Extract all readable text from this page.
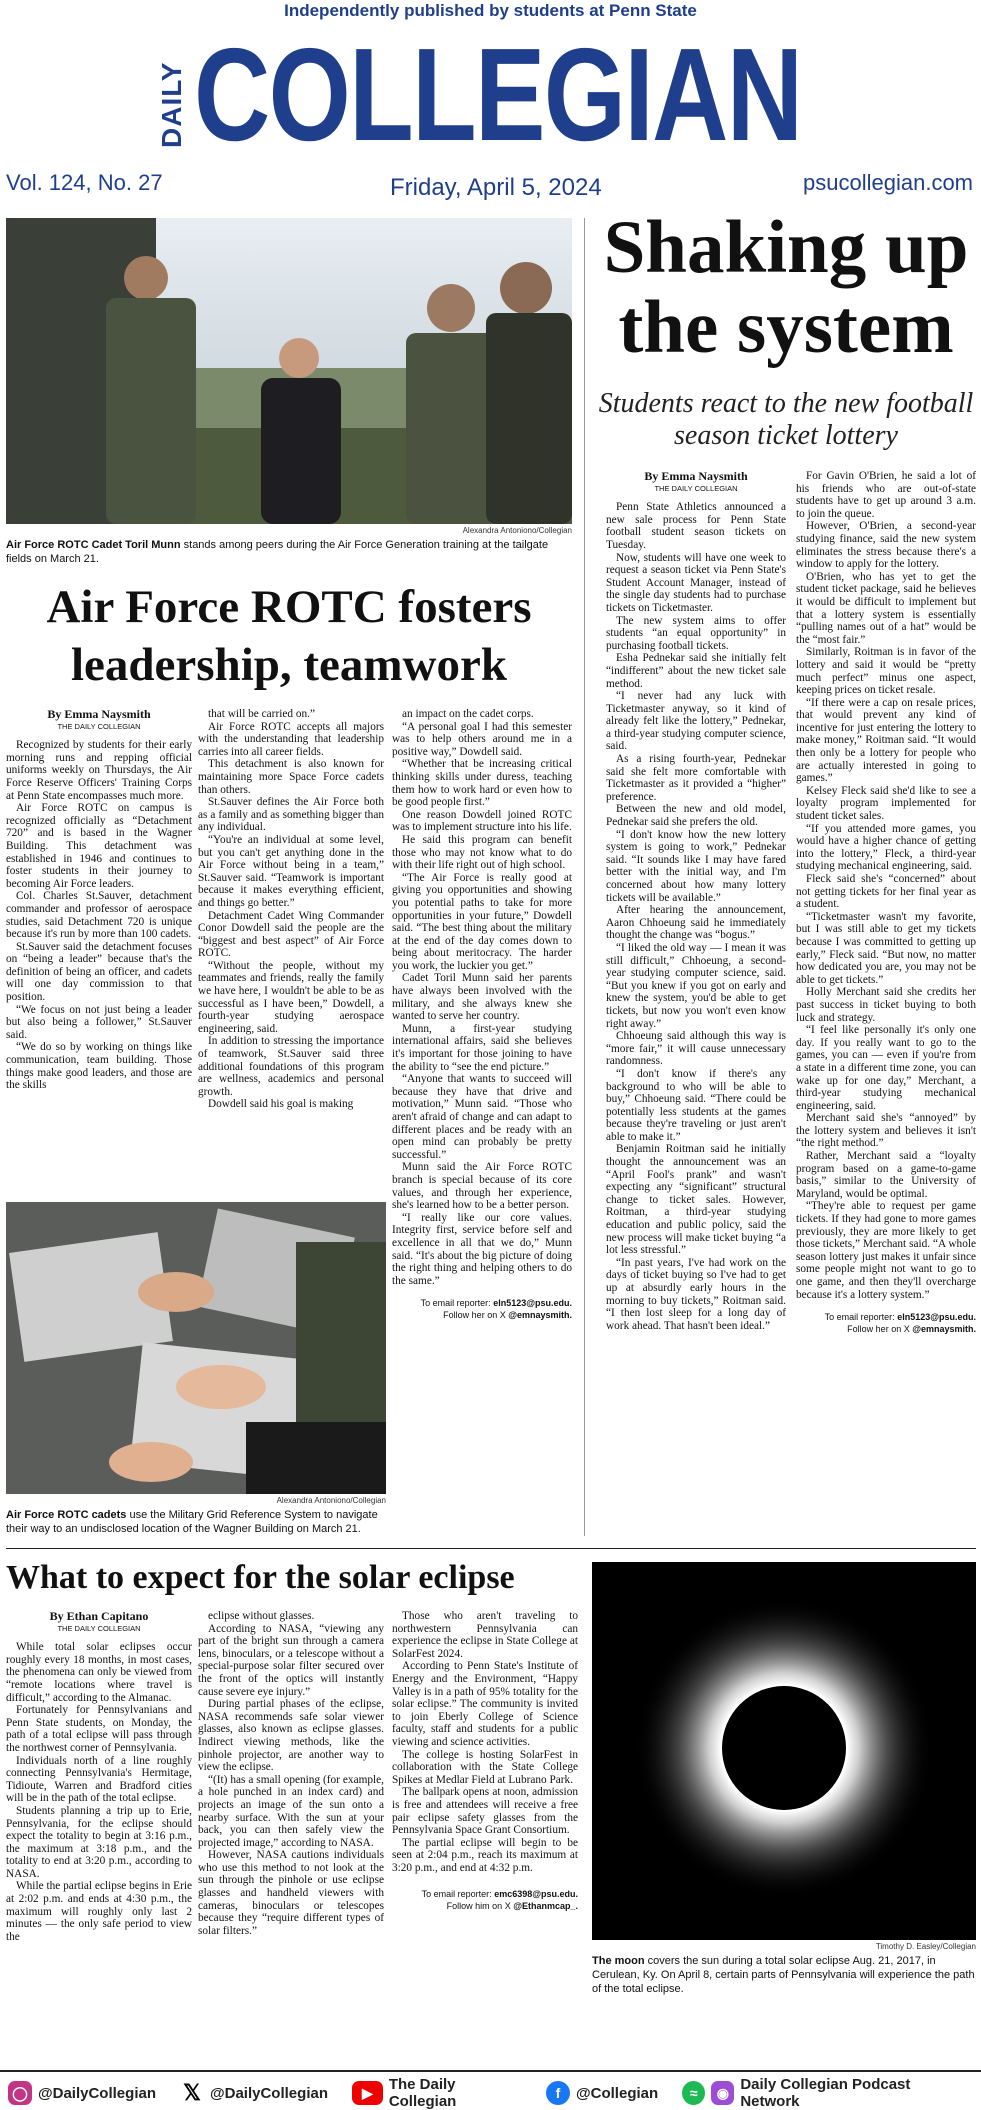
Independently published by students at Penn State
DAILY COLLEGIAN
Vol. 124, No. 27	Friday, April 5, 2024	psucollegian.com
Alexandra Antoniono/Collegian
Air Force ROTC Cadet Toril Munn stands among peers during the Air Force Generation training at the tailgate fields on March 21.
Air Force ROTC fosters leadership, teamwork
By Emma Naysmith
THE DAILY COLLEGIAN

Recognized by students for their early morning runs and repping official uniforms weekly on Thursdays, the Air Force Reserve Officers' Training Corps at Penn State encompasses much more.

Air Force ROTC on campus is recognized officially as “Detachment 720” and is based in the Wagner Building. This detachment was established in 1946 and continues to foster students in their journey to becoming Air Force leaders.

Col. Charles St.Sauver, detachment commander and professor of aerospace studies, said Detachment 720 is unique because it's run by more than 100 cadets.

St.Sauver said the detachment focuses on “being a leader” because that's the definition of being an officer, and cadets will one day commission to that position.

“We focus on not just being a leader but also being a follower,” St.Sauver said.

“We do so by working on things like communication, team building. Those things make good leaders, and those are the skills

that will be carried on.”

Air Force ROTC accepts all majors with the understanding that leadership carries into all career fields.

This detachment is also known for maintaining more Space Force cadets than others.

St.Sauver defines the Air Force both as a family and as something bigger than any individual.

“You're an individual at some level, but you can't get anything done in the Air Force without being in a team,” St.Sauver said. “Teamwork is important because it makes everything efficient, and things go better.”

Detachment Cadet Wing Commander Conor Dowdell said the people are the “biggest and best aspect” of Air Force ROTC.

“Without the people, without my teammates and friends, really the family we have here, I wouldn't be able to be as successful as I have been,” Dowdell, a fourth-year studying aerospace engineering, said.

In addition to stressing the importance of teamwork, St.Sauver said three additional foundations of this program are wellness, academics and personal growth.

Dowdell said his goal is making

an impact on the cadet corps.

“A personal goal I had this semester was to help others around me in a positive way,” Dowdell said.

“Whether that be increasing critical thinking skills under duress, teaching them how to work hard or even how to be good people first.”

One reason Dowdell joined ROTC was to implement structure into his life.

He said this program can benefit those who may not know what to do with their life right out of high school.

“The Air Force is really good at giving you opportunities and showing you potential paths to take for more opportunities in your future,” Dowdell said. “The best thing about the military at the end of the day comes down to being about meritocracy. The harder you work, the luckier you get.”

Cadet Toril Munn said her parents have always been involved with the military, and she always knew she wanted to serve her country.

Munn, a first-year studying international affairs, said she believes it's important for those joining to have the ability to “see the end picture.”

“Anyone that wants to succeed will because they have that drive and motivation,” Munn said. “Those who aren't afraid of change and can adapt to different places and be ready with an open mind can probably be pretty successful.”

Munn said the Air Force ROTC branch is special because of its core values, and through her experience, she's learned how to be a better person.

“I really like our core values. Integrity first, service before self and excellence in all that we do,” Munn said. “It's about the big picture of doing the right thing and helping others to do the same.”

To email reporter: eln5123@psu.edu.
Follow her on X @emnaysmith.

Alexandra Antoniono/Collegian
Air Force ROTC cadets use the Military Grid Reference System to navigate their way to an undisclosed location of the Wagner Building on March 21.
Shaking up the system
Students react to the new football season ticket lottery
By Emma Naysmith
THE DAILY COLLEGIAN

Penn State Athletics announced a new sale process for Penn State football student season tickets on Tuesday.

Now, students will have one week to request a season ticket via Penn State's Student Account Manager, instead of the single day students had to purchase tickets on Ticketmaster.

The new system aims to offer students “an equal opportunity” in purchasing football tickets.

Esha Pednekar said she initially felt “indifferent” about the new ticket sale method.

“I never had any luck with Ticketmaster anyway, so it kind of already felt like the lottery,” Pednekar, a third-year studying computer science, said.

As a rising fourth-year, Pednekar said she felt more comfortable with Ticketmaster as it provided a “higher” preference.

Between the new and old model, Pednekar said she prefers the old.

“I don't know how the new lottery system is going to work,” Pednekar said. “It sounds like I may have fared better with the initial way, and I'm concerned about how many lottery tickets will be available.”

After hearing the announcement, Aaron Chhoeung said he immediately thought the change was “bogus.”

“I liked the old way — I mean it was still difficult,” Chhoeung, a second-year studying computer science, said. “But you knew if you got on early and knew the system, you'd be able to get tickets, but now you won't even know right away.”

Chhoeung said although this way is “more fair,” it will cause unnecessary randomness.

“I don't know if there's any background to who will be able to buy,” Chhoeung said. “There could be potentially less students at the games because they're traveling or just aren't able to make it.”

Benjamin Roitman said he initially thought the announcement was an “April Fool's prank” and wasn't expecting any “significant” structural change to ticket sales. However, Roitman, a third-year studying education and public policy, said the new process will make ticket buying “a lot less stressful.”

“In past years, I've had work on the days of ticket buying so I've had to get up at absurdly early hours in the morning to buy tickets,” Roitman said. “I then lost sleep for a long day of work ahead. That hasn't been ideal.”

For Gavin O'Brien, he said a lot of his friends who are out-of-state students have to get up around 3 a.m. to join the queue.

However, O'Brien, a second-year studying finance, said the new system eliminates the stress because there's a window to apply for the lottery.

O'Brien, who has yet to get the student ticket package, said he believes it would be difficult to implement but that a lottery system is essentially “pulling names out of a hat” would be the “most fair.”

Similarly, Roitman is in favor of the lottery and said it would be “pretty much perfect” minus one aspect, keeping prices on ticket resale.

“If there were a cap on resale prices, that would prevent any kind of incentive for just entering the lottery to make money,” Roitman said. “It would then only be a lottery for people who are actually interested in going to games.”

Kelsey Fleck said she'd like to see a loyalty program implemented for student ticket sales.

“If you attended more games, you would have a higher chance of getting into the lottery,” Fleck, a third-year studying mechanical engineering, said.

Fleck said she's “concerned” about not getting tickets for her final year as a student.

“Ticketmaster wasn't my favorite, but I was still able to get my tickets because I was committed to getting up early,” Fleck said. “But now, no matter how dedicated you are, you may not be able to get tickets.”

Holly Merchant said she credits her past success in ticket buying to both luck and strategy.

“I feel like personally it's only one day. If you really want to go to the games, you can — even if you're from a state in a different time zone, you can wake up for one day,” Merchant, a third-year studying mechanical engineering, said.

Merchant said she's “annoyed” by the lottery system and believes it isn't “the right method.”

Rather, Merchant said a “loyalty program based on a game-to-game basis,” similar to the University of Maryland, would be optimal.

“They're able to request per game tickets. If they had gone to more games previously, they are more likely to get those tickets,” Merchant said. “A whole season lottery just makes it unfair since some people might not want to go to one game, and then they'll overcharge because it's a lottery system.”

To email reporter: eln5123@psu.edu.
Follow her on X @emnaysmith.

What to expect for the solar eclipse
By Ethan Capitano
THE DAILY COLLEGIAN

While total solar eclipses occur roughly every 18 months, in most cases, the phenomena can only be viewed from “remote locations where travel is difficult,” according to the Almanac.

Fortunately for Pennsylvanians and Penn State students, on Monday, the path of a total eclipse will pass through the northwest corner of Pennsylvania.

Individuals north of a line roughly connecting Pennsylvania's Hermitage, Tidioute, Warren and Bradford cities will be in the path of the total eclipse.

Students planning a trip up to Erie, Pennsylvania, for the eclipse should expect the totality to begin at 3:16 p.m., the maximum at 3:18 p.m., and the totality to end at 3:20 p.m., according to NASA.

While the partial eclipse begins in Erie at 2:02 p.m. and ends at 4:30 p.m., the maximum will roughly only last 2 minutes — the only safe period to view the

eclipse without glasses.

According to NASA, “viewing any part of the bright sun through a camera lens, binoculars, or a telescope without a special-purpose solar filter secured over the front of the optics will instantly cause severe eye injury.”

During partial phases of the eclipse, NASA recommends safe solar viewer glasses, also known as eclipse glasses. Indirect viewing methods, like the pinhole projector, are another way to view the eclipse.

“(It) has a small opening (for example, a hole punched in an index card) and projects an image of the sun onto a nearby surface. With the sun at your back, you can then safely view the projected image,” according to NASA.

However, NASA cautions individuals who use this method to not look at the sun through the pinhole or use eclipse glasses and handheld viewers with cameras, binoculars or telescopes because they “require different types of solar filters.”

Those who aren't traveling to northwestern Pennsylvania can experience the eclipse in State College at SolarFest 2024.

According to Penn State's Institute of Energy and the Environment, “Happy Valley is in a path of 95% totality for the solar eclipse.” The community is invited to join Eberly College of Science faculty, staff and students for a public viewing and science activities.

The college is hosting SolarFest in collaboration with the State College Spikes at Medlar Field at Lubrano Park.

The ballpark opens at noon, admission is free and attendees will receive a free pair eclipse safety glasses from the Pennsylvania Space Grant Consortium.

The partial eclipse will begin to be seen at 2:04 p.m., reach its maximum at 3:20 p.m., and end at 4:32 p.m.

To email reporter: emc6398@psu.edu.
Follow him on X @Ethanmcap_.

Timothy D. Easley/Collegian
The moon covers the sun during a total solar eclipse Aug. 21, 2017, in Cerulean, Ky. On April 8, certain parts of Pennsylvania will experience the path of the total eclipse.
◯ @DailyCollegian 𝕏 @DailyCollegian	▶	The Daily Collegian	f	@Collegian	≈	◉ Daily Collegian Podcast Network
